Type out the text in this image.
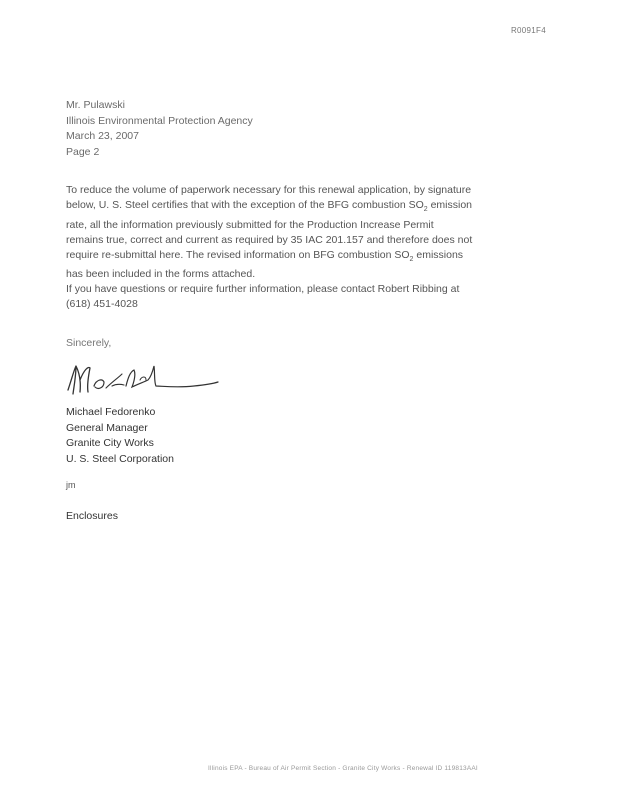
R0091F4
Mr. Pulawski
Illinois Environmental Protection Agency
March 23, 2007
Page 2
To reduce the volume of paperwork necessary for this renewal application, by signature
below, U. S. Steel certifies that with the exception of the BFG combustion $SO_2$ emission
rate, all the information previously submitted for the Production Increase Permit
remains true, correct and current as required by 35 IAC 201.157 and therefore does not
require re-submittal here. The revised information on BFG combustion $SO_2$ emissions
has been included in the forms attached.
If you have questions or require further information, please contact Robert Ribbing at
(618) 451-4028
Sincerely,
Michael Fedorenko
General Manager
Granite City Works
U. S. Steel Corporation
jm
Enclosures
Illinois EPA - Bureau of Air Permit Section - Granite City Works - Renewal ID 119813AAI
